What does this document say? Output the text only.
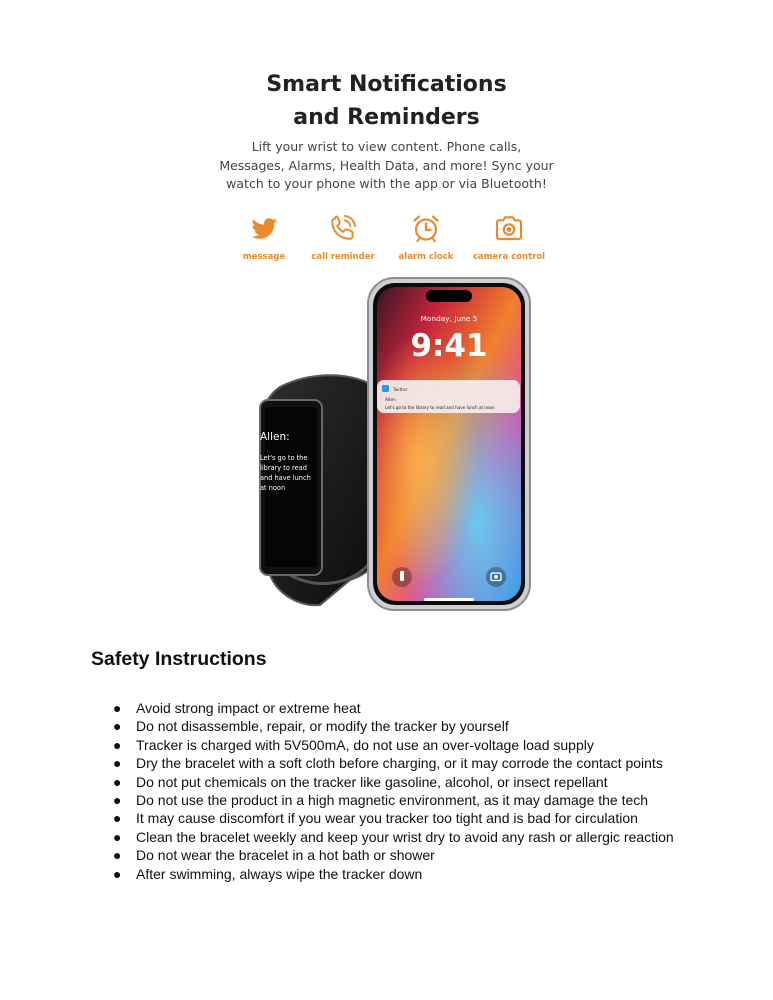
Smart Notifications
and Reminders
Lift your wrist to view content. Phone calls,
Messages, Alarms, Health Data, and more! Sync your
watch to your phone with the app or via Bluetooth!
message	call reminder	alarm clock	camera control
Allen:
Let's go to the
library to read
and have lunch
at noon
Monday, June 5
9:41
Twitter
Allen
Let's go to the library to read and have lunch at noon
Safety Instructions
● Avoid strong impact or extreme heat
● Do not disassemble, repair, or modify the tracker by yourself
● Tracker is charged with 5V500mA, do not use an over-voltage load supply
● Dry the bracelet with a soft cloth before charging, or it may corrode the contact points
● Do not put chemicals on the tracker like gasoline, alcohol, or insect repellant
● Do not use the product in a high magnetic environment, as it may damage the tech
● It may cause discomfort if you wear you tracker too tight and is bad for circulation
● Clean the bracelet weekly and keep your wrist dry to avoid any rash or allergic reaction
● Do not wear the bracelet in a hot bath or shower
● After swimming, always wipe the tracker down
